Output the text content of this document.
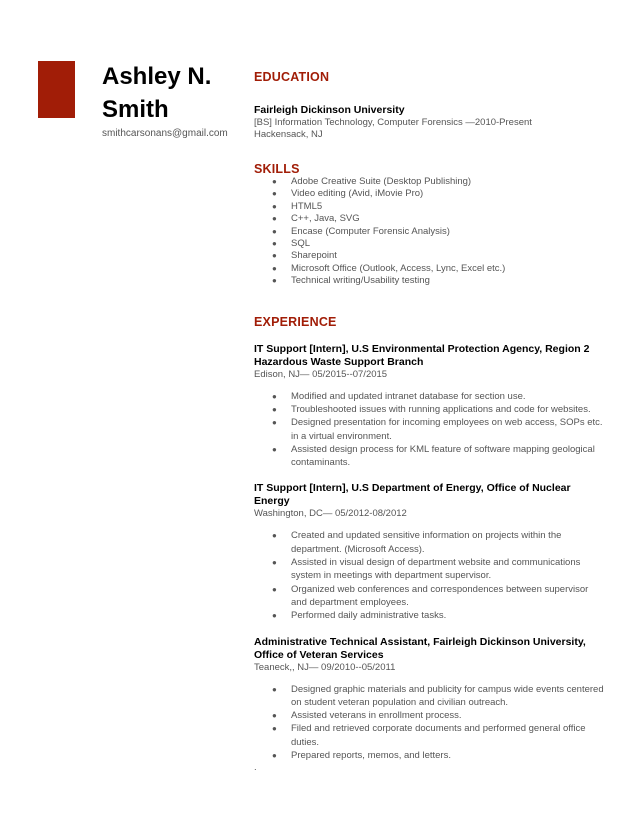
Ashley N.
Smith
smithcarsonans@gmail.com
EDUCATION
Fairleigh Dickinson University
[BS] Information Technology, Computer Forensics —2010-Present
Hackensack, NJ
SKILLS
● Adobe Creative Suite (Desktop Publishing)
● Video editing (Avid, iMovie Pro)
● HTML5
● C++, Java, SVG
● Encase (Computer Forensic Analysis)
● SQL
● Sharepoint
● Microsoft Office (Outlook, Access, Lync, Excel etc.)
● Technical writing/Usability testing
EXPERIENCE
IT Support [Intern], U.S Environmental Protection Agency, Region 2 Hazardous Waste Support Branch
Edison, NJ— 05/2015--07/2015
● Modified and updated intranet database for section use.
● Troubleshooted issues with running applications and code for websites.
● Designed presentation for incoming employees on web access, SOPs etc. in a virtual environment.
● Assisted design process for KML feature of software mapping geological contaminants.
IT Support [Intern], U.S Department of Energy, Office of Nuclear Energy
Washington, DC— 05/2012-08/2012
● Created and updated sensitive information on projects within the department. (Microsoft Access).
● Assisted in visual design of department website and communications system in meetings with department supervisor.
● Organized web conferences and correspondences between supervisor and department employees.
● Performed daily administrative tasks.
Administrative Technical Assistant, Fairleigh Dickinson University, Office of Veteran Services
Teaneck,, NJ— 09/2010--05/2011
● Designed graphic materials and publicity for campus wide events centered on student veteran population and civilian outreach.
● Assisted veterans in enrollment process.
● Filed and retrieved corporate documents and performed general office duties.
● Prepared reports, memos, and letters.
.
